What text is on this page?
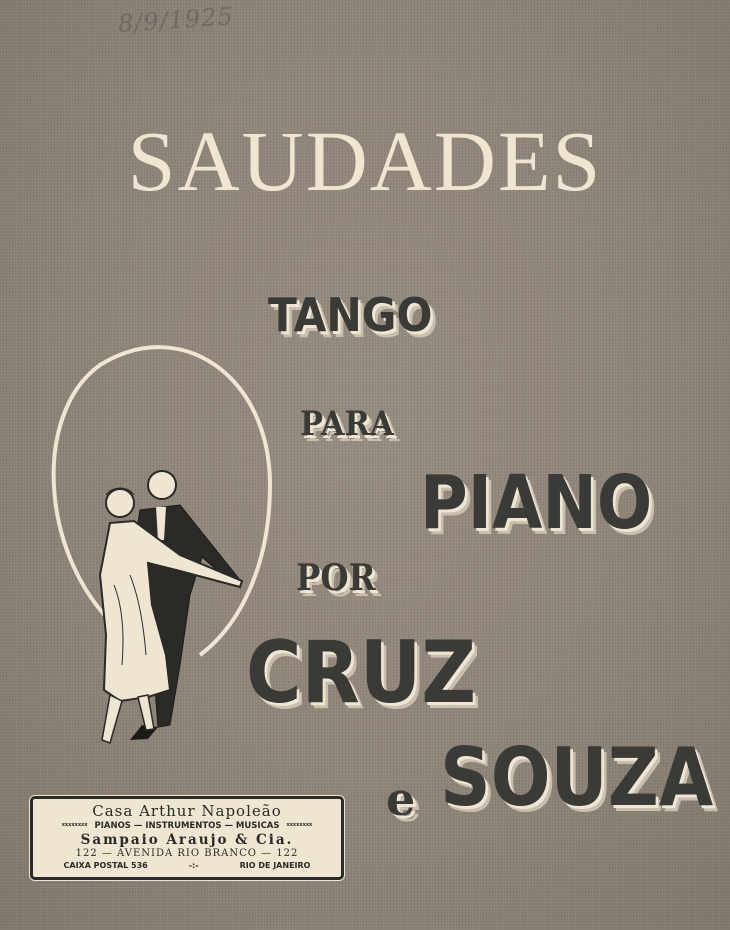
8/9/1925
SAUDADES
TANGO
PARA
PIANO
POR
CRUZ
e SOUZA
Casa Arthur Napoleão
xxxxxxxx PIANOS — INSTRUMENTOS — MUSICAS xxxxxxxx
Sampaio Araujo & Cia.
122 — AVENIDA RIO BRANCO — 122
CAIXA POSTAL 536	-:-	RIO DE JANEIRO
